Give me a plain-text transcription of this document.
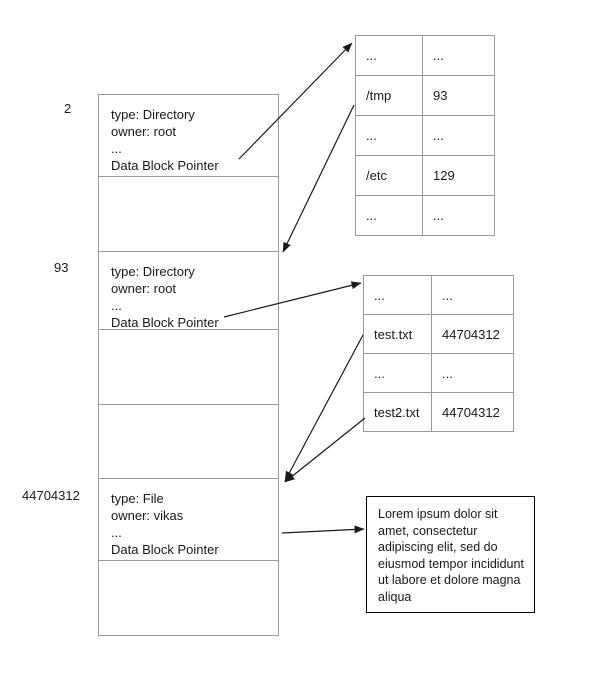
2
93
44704312
type: Directory
owner: root
...
Data Block Pointer
type: Directory
owner: root
...
Data Block Pointer
type: File
owner: vikas
...
Data Block Pointer
...	...
/tmp	93
...	...
/etc	129
...	...
...	...
test.txt	44704312
...	...
test2.txt	44704312
Lorem ipsum dolor sit amet, consectetur adipiscing elit, sed do eiusmod tempor incididunt ut labore et dolore magna aliqua
